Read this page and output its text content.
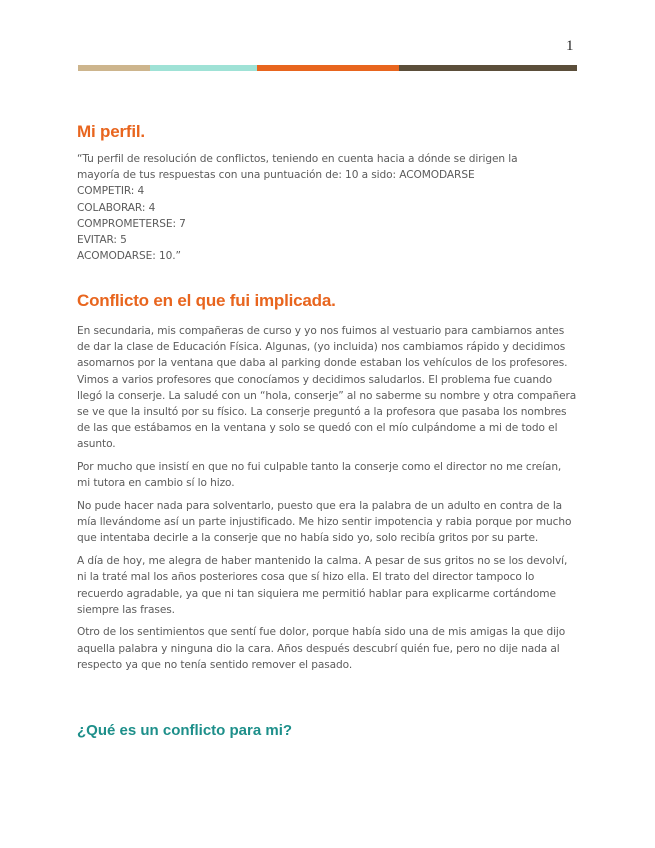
1
Mi perfil.
“Tu perfil de resolución de conflictos, teniendo en cuenta hacia a dónde se dirigen la
mayoría de tus respuestas con una puntuación de: 10 a sido: ACOMODARSE
COMPETIR: 4
COLABORAR: 4
COMPROMETERSE: 7
EVITAR: 5
ACOMODARSE: 10.”
Conflicto en el que fui implicada.

En secundaria, mis compañeras de curso y yo nos fuimos al vestuario para cambiarnos antes de dar la clase de Educación Física. Algunas, (yo incluida) nos cambiamos rápido y decidimos asomarnos por la ventana que daba al parking donde estaban los vehículos de los profesores. Vimos a varios profesores que conocíamos y decidimos saludarlos. El problema fue cuando llegó la conserje. La saludé con un “hola, conserje” al no saberme su nombre y otra compañera se ve que la insultó por su físico. La conserje preguntó a la profesora que pasaba los nombres de las que estábamos en la ventana y solo se quedó con el mío culpándome a mi de todo el asunto.

Por mucho que insistí en que no fui culpable tanto la conserje como el director no me creían, mi tutora en cambio sí lo hizo.

No pude hacer nada para solventarlo, puesto que era la palabra de un adulto en contra de la mía llevándome así un parte injustificado. Me hizo sentir impotencia y rabia porque por mucho que intentaba decirle a la conserje que no había sido yo, solo recibía gritos por su parte.

A día de hoy, me alegra de haber mantenido la calma. A pesar de sus gritos no se los devolví, ni la traté mal los años posteriores cosa que sí hizo ella. El trato del director tampoco lo recuerdo agradable, ya que ni tan siquiera me permitió hablar para explicarme cortándome siempre las frases.

Otro de los sentimientos que sentí fue dolor, porque había sido una de mis amigas la que dijo aquella palabra y ninguna dio la cara. Años después descubrí quién fue, pero no dije nada al respecto ya que no tenía sentido remover el pasado.

¿Qué es un conflicto para mi?
